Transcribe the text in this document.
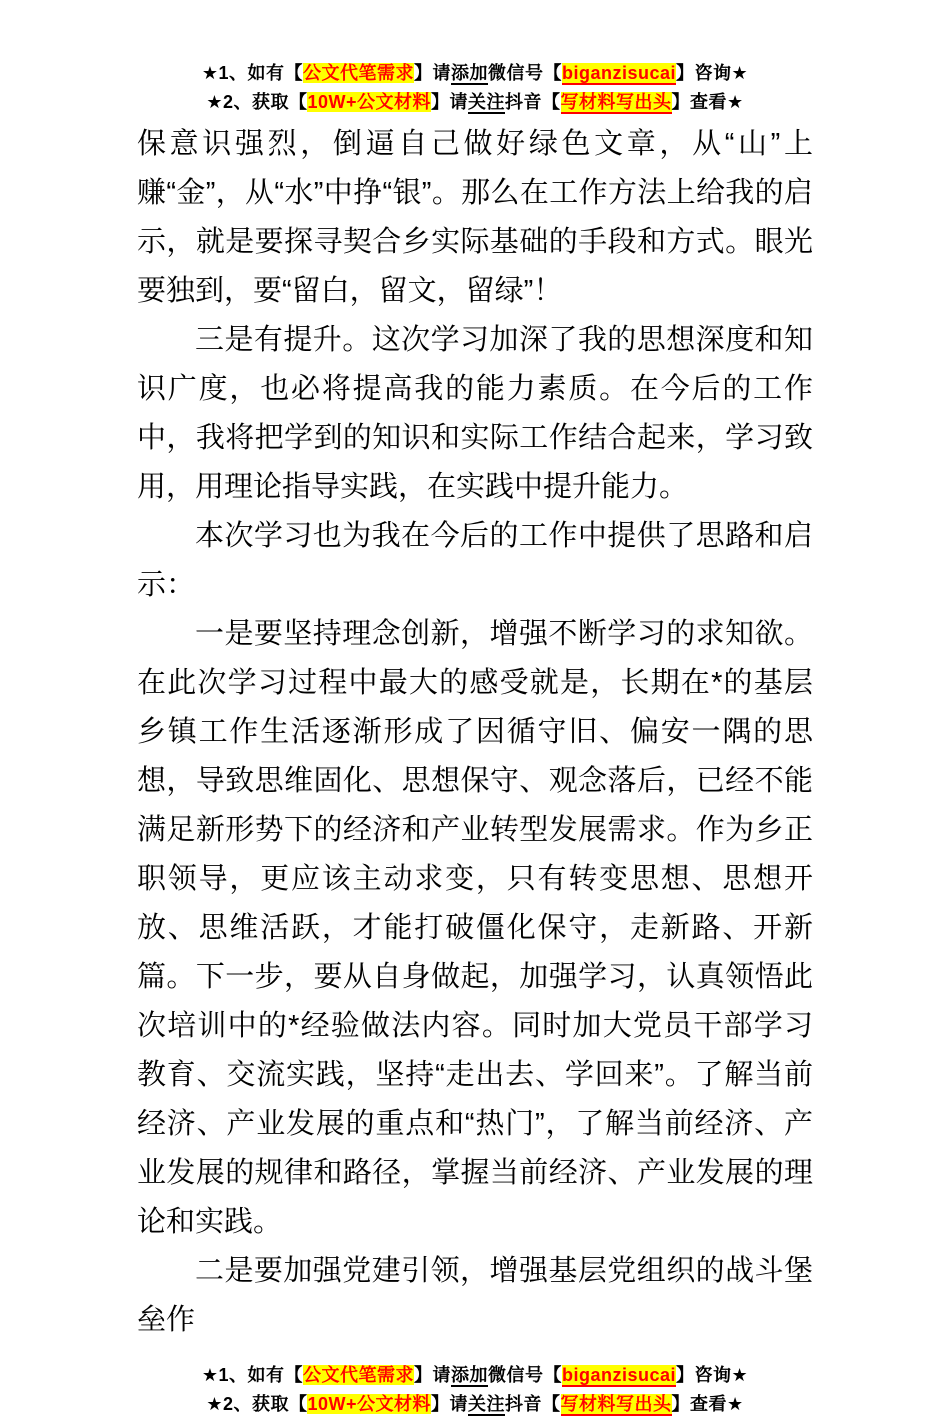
★1、如有【公文代笔需求】请添加微信号【biganzisucai】咨询★
★2、获取【10W+公文材料】请关注抖音【写材料写出头】查看★

保意识强烈，倒逼自己做好绿色文章，从“山”上赚“金”，从“水”中挣“银”。那么在工作方法上给我的启示，就是要探寻契合乡实际基础的手段和方式。眼光要独到，要“留白，留文，留绿”！

三是有提升。这次学习加深了我的思想深度和知识广度，也必将提高我的能力素质。在今后的工作中，我将把学到的知识和实际工作结合起来，学习致用，用理论指导实践，在实践中提升能力。

本次学习也为我在今后的工作中提供了思路和启示：

一是要坚持理念创新，增强不断学习的求知欲。在此次学习过程中最大的感受就是，长期在*的基层乡镇工作生活逐渐形成了因循守旧、偏安一隅的思想，导致思维固化、思想保守、观念落后，已经不能满足新形势下的经济和产业转型发展需求。作为乡正职领导，更应该主动求变，只有转变思想、思想开放、思维活跃，才能打破僵化保守，走新路、开新篇。下一步，要从自身做起，加强学习，认真领悟此次培训中的*经验做法内容。同时加大党员干部学习教育、交流实践，坚持“走出去、学回来”。了解当前经济、产业发展的重点和“热门”，了解当前经济、产业发展的规律和路径，掌握当前经济、产业发展的理论和实践。

二是要加强党建引领，增强基层党组织的战斗堡垒作

★1、如有【公文代笔需求】请添加微信号【biganzisucai】咨询★
★2、获取【10W+公文材料】请关注抖音【写材料写出头】查看★
